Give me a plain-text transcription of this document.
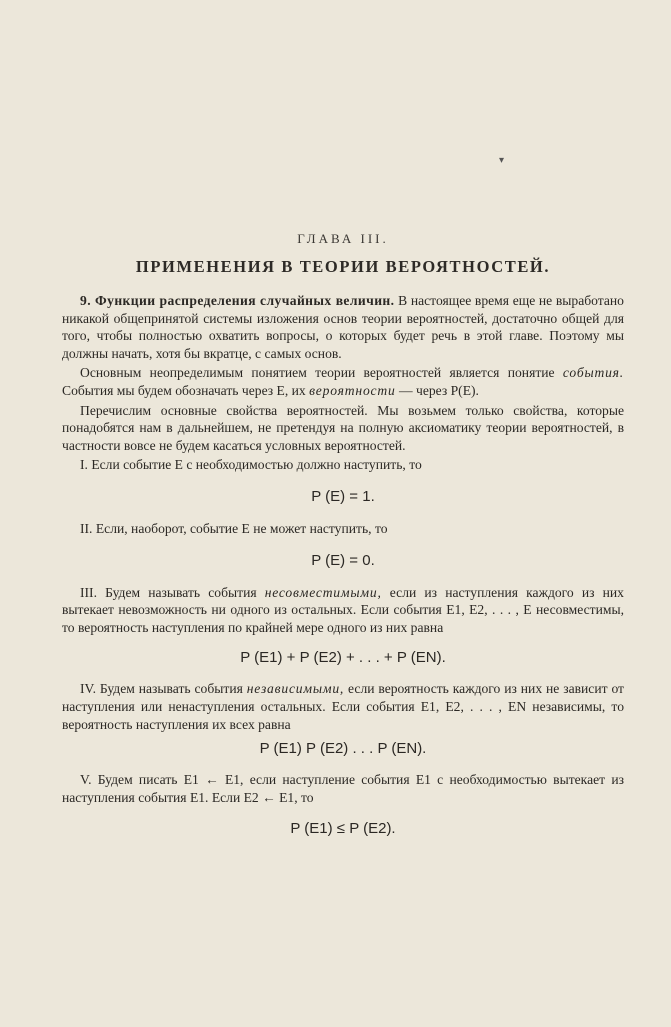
▾
ГЛАВА III.
ПРИМЕНЕНИЯ В ТЕОРИИ ВЕРОЯТНОСТЕЙ.

9. Функции распределения случайных величин. В настоящее время еще не выработано никакой общепринятой системы изложения основ теории вероятностей, достаточно общей для того, чтобы полностью охватить вопросы, о которых будет речь в этой главе. Поэтому мы должны начать, хотя бы вкратце, с самых основ.

Основным неопределимым понятием теории вероятностей является понятие события. События мы будем обозначать через E, их вероятности — через P(E).

Перечислим основные свойства вероятностей. Мы возьмем только свойства, которые понадобятся нам в дальнейшем, не претендуя на полную аксиоматику теории вероятностей, в частности вовсе не будем касаться условных вероятностей.

I. Если событие E с необходимостью должно наступить, то

P (E) = 1.

II. Если, наоборот, событие E не может наступить, то

P (E) = 0.

III. Будем называть события несовместимыми, если из наступления каждого из них вытекает невозможность ни одного из остальных. Если события E1, E2, . . . , E несовместимы, то вероятность наступления по крайней мере одного из них равна

P (E1) + P (E2) + . . . + P (EN).

IV. Будем называть события независимыми, если вероятность каждого из них не зависит от наступления или ненаступления остальных. Если события E1, E2, . . . , EN независимы, то вероятность наступления их всех равна

P (E1) P (E2) . . . P (EN).

V. Будем писать E1 ← E1, если наступление события E1 с необходимостью вытекает из наступления события E1. Если E2 ← E1, то

P (E1) ≤ P (E2).
